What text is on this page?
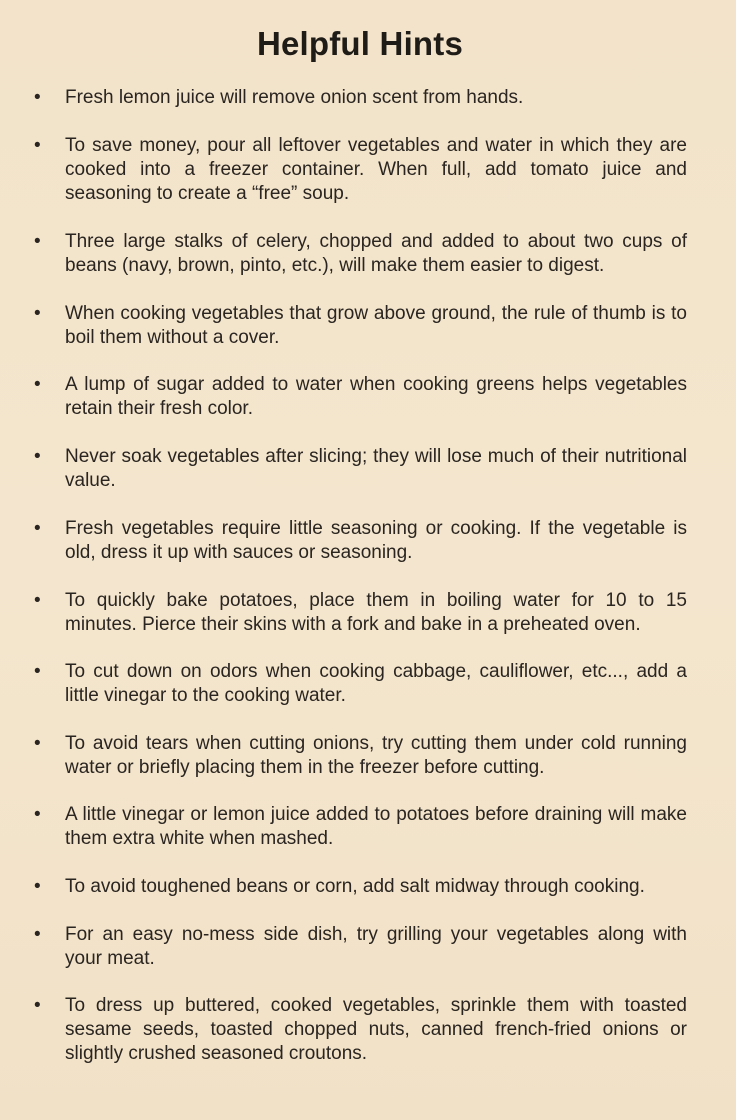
Helpful Hints
• Fresh lemon juice will remove onion scent from hands.
• To save money, pour all leftover vegetables and water in which they are cooked into a freezer container. When full, add tomato juice and seasoning to create a “free” soup.
• Three large stalks of celery, chopped and added to about two cups of beans (navy, brown, pinto, etc.), will make them easier to digest.
• When cooking vegetables that grow above ground, the rule of thumb is to boil them without a cover.
• A lump of sugar added to water when cooking greens helps vegetables retain their fresh color.
• Never soak vegetables after slicing; they will lose much of their nutritional value.
• Fresh vegetables require little seasoning or cooking. If the vegetable is old, dress it up with sauces or seasoning.
• To quickly bake potatoes, place them in boiling water for 10 to 15 minutes. Pierce their skins with a fork and bake in a preheated oven.
• To cut down on odors when cooking cabbage, cauliflower, etc..., add a little vinegar to the cooking water.
• To avoid tears when cutting onions, try cutting them under cold running water or briefly placing them in the freezer before cutting.
• A little vinegar or lemon juice added to potatoes before draining will make them extra white when mashed.
• To avoid toughened beans or corn, add salt midway through cooking.
• For an easy no-mess side dish, try grilling your vegetables along with your meat.
• To dress up buttered, cooked vegetables, sprinkle them with toasted sesame seeds, toasted chopped nuts, canned french-fried onions or slightly crushed seasoned croutons.
